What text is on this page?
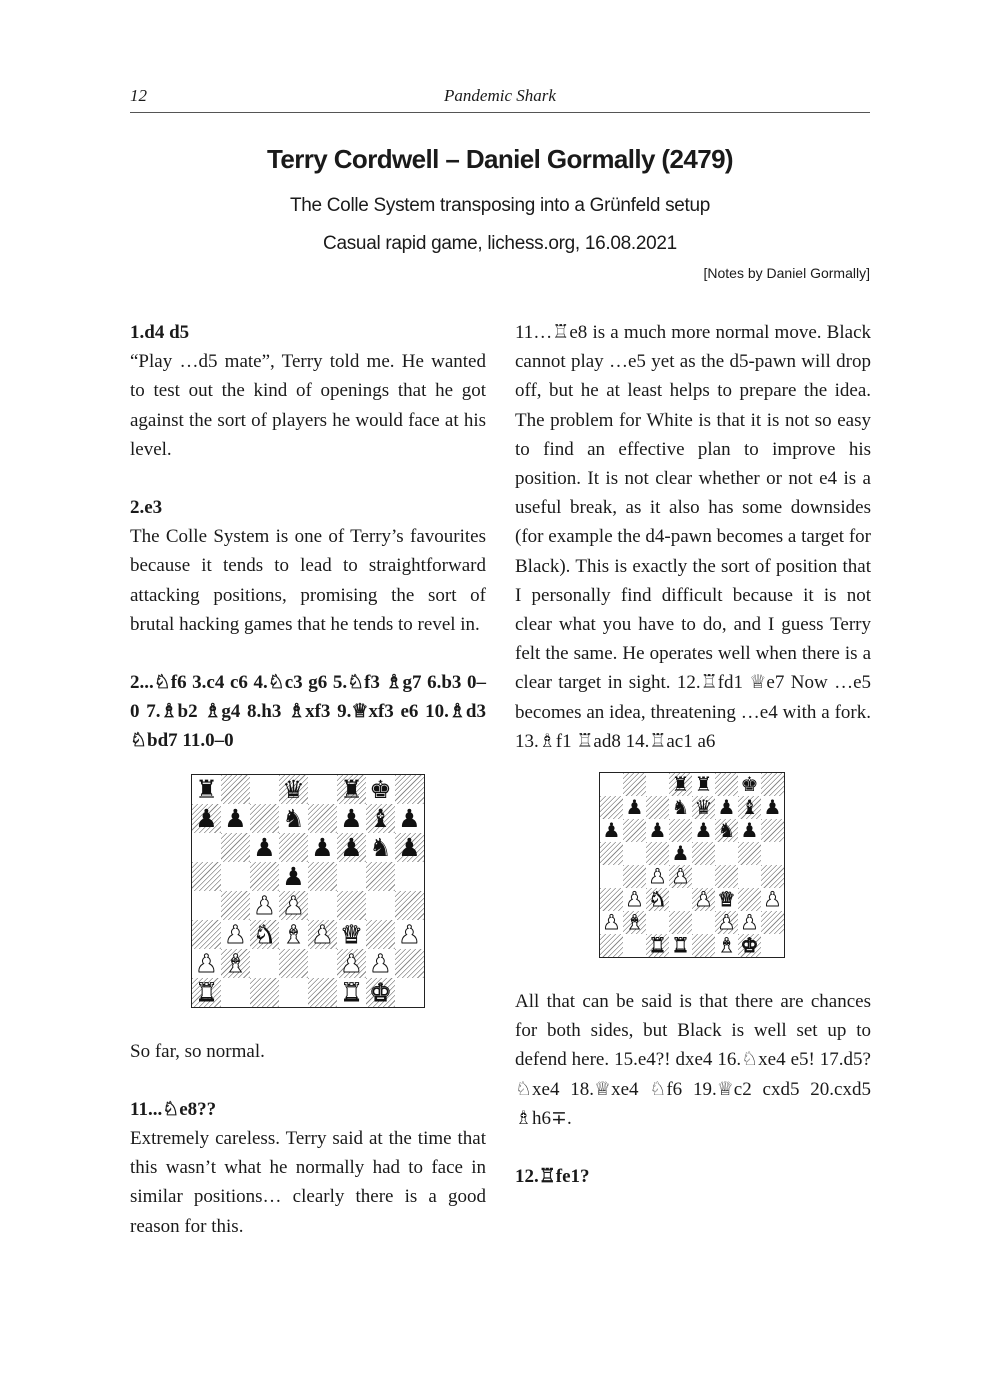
12	Pandemic Shark
Terry Cordwell – Daniel Gormally (2479)
The Colle System transposing into a Grünfeld setup
Casual rapid game, lichess.org, 16.08.2021
[Notes by Daniel Gormally]

1.d4 d5

“Play …d5 mate”, Terry told me. He wanted to test out the kind of openings that he got against the sort of players he would face at his level.

2.e3

The Colle System is one of Terry’s favourites because it tends to lead to straightforward attacking positions, promising the sort of brutal hacking games that he tends to revel in.

2...♘f6 3.c4 c6 4.♘c3 g6 5.♘f3 ♗g7 6.b3 0–0 7.♗b2 ♗g4 8.h3 ♗xf3 9.♕xf3 e6 10.♗d3 ♘bd7 11.0–0

♜	♛ ♜ ♚
♟ ♟ ♞ ♟ ♝ ♟
♟ ♟ ♟ ♞ ♟
♟
♟ ♟
♟ ♞ ♝ ♟ ♛ ♟
♟ ♝	♟ ♟
♜	♜ ♚

So far, so normal.

11...♘e8??

Extremely careless. Terry said at the time that this wasn’t what he normally had to face in similar positions… clearly there is a good reason for this.

11…♖e8 is a much more normal move. Black cannot play …e5 yet as the d5-pawn will drop off, but he at least helps to prepare the idea. The problem for White is that it is not so easy to find an effective plan to improve his position. It is not clear whether or not e4 is a useful break, as it also has some downsides (for example the d4-pawn becomes a target for Black). This is exactly the sort of position that I personally find difficult because it is not clear what you have to do, and I guess Terry felt the same. He operates well when there is a clear target in sight. 12.♖fd1 ♕e7 Now …e5 becomes an idea, threatening …e4 with a fork. 13.♗f1 ♖ad8 14.♖ac1 a6

♜ ♜ ♚
♟ ♞ ♛ ♟ ♝ ♟
♟ ♟ ♟ ♞ ♟
♟
♟ ♟
♟ ♞ ♟ ♛ ♟
♟ ♝	♟ ♟
♜ ♜ ♝ ♚

All that can be said is that there are chances for both sides, but Black is well set up to defend here. 15.e4?! dxe4 16.♘xe4 e5! 17.d5? ♘xe4 18.♕xe4 ♘f6 19.♕c2 cxd5 20.cxd5 ♗h6∓.

12.♖fe1?
